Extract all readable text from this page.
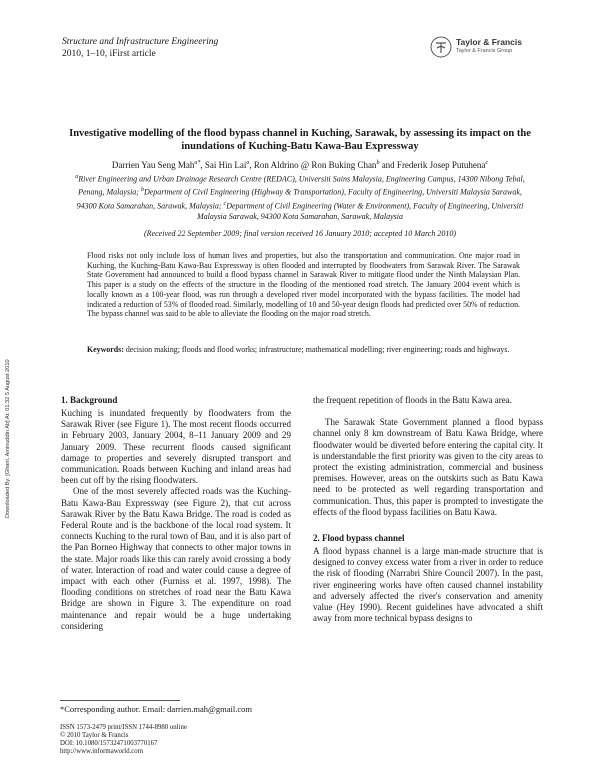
Structure and Infrastructure Engineering
2010, 1–10, iFirst article
Taylor & Francis
Taylor & Francis Group
Downloaded By: [Ghani, Aminuddin Ab] At: 01:32 5 August 2010
Investigative modelling of the flood bypass channel in Kuching, Sarawak, by assessing its impact on the inundations of Kuching-Batu Kawa-Bau Expressway
Darrien Yau Seng Mah$^{a*}$, Sai Hin Lai$^a$, Ron Aldrino @ Ron Buking Chan$^b$ and Frederik Josep Putuhena$^c$
$^a$River Engineering and Urban Drainage Research Centre (REDAC), Universiti Sains Malaysia, Engineering Campus, 14300 Nibong Tebal, Penang, Malaysia; $^b$Department of Civil Engineering (Highway & Transportation), Faculty of Engineering, Universiti Malaysia Sarawak, 94300 Kota Samarahan, Sarawak, Malaysia; $^c$Department of Civil Engineering (Water & Environment), Faculty of Engineering, Universiti Malaysia Sarawak, 94300 Kota Samarahan, Sarawak, Malaysia
(Received 22 September 2009; final version received 16 January 2010; accepted 10 March 2010)
Flood risks not only include loss of human lives and properties, but also the transportation and communication. One major road in Kuching, the Kuching-Batu Kawa-Bau Expressway is often flooded and interrupted by floodwaters from Sarawak River. The Sarawak State Government had announced to build a flood bypass channel in Sarawak River to mitigate flood under the Ninth Malaysian Plan. This paper is a study on the effects of the structure in the flooding of the mentioned road stretch. The January 2004 event which is locally known as a 100-year flood, was run through a developed river model incorporated with the bypass facilities. The model had indicated a reduction of 53% of flooded road. Similarly, modelling of 10 and 50-year design floods had predicted over 50% of reduction. The bypass channel was said to be able to alleviate the flooding on the major road stretch.
Keywords: decision making; floods and flood works; infrastructure; mathematical modelling; river engineering; roads and highways.
1. Background

Kuching is inundated frequently by floodwaters from the Sarawak River (see Figure 1). The most recent floods occurred in February 2003, January 2004, 8–11 January 2009 and 29 January 2009. These recurrent floods caused significant damage to properties and severely disrupted transport and communication. Roads between Kuching and inland areas had been cut off by the rising floodwaters.

One of the most severely affected roads was the Kuching-Batu Kawa-Bau Expressway (see Figure 2), that cut across Sarawak River by the Batu Kawa Bridge. The road is coded as Federal Route and is the backbone of the local road system. It connects Kuching to the rural town of Bau, and it is also part of the Pan Borneo Highway that connects to other major towns in the state. Major roads like this can rarely avoid crossing a body of water. Interaction of road and water could cause a degree of impact with each other (Furniss et al. 1997, 1998). The flooding conditions on stretches of road near the Batu Kawa Bridge are shown in Figure 3. The expenditure on road maintenance and repair would be a huge undertaking considering

the frequent repetition of floods in the Batu Kawa area.

The Sarawak State Government planned a flood bypass channel only 8 km downstream of Batu Kawa Bridge, where floodwater would be diverted before entering the capital city. It is understandable the first priority was given to the city areas to protect the existing administration, commercial and business premises. However, areas on the outskirts such as Batu Kawa need to be protected as well regarding transportation and communication. Thus, this paper is prompted to investigate the effects of the flood bypass facilities on Batu Kawa.

2. Flood bypass channel

A flood bypass channel is a large man-made structure that is designed to convey excess water from a river in order to reduce the risk of flooding (Narrabri Shire Council 2007). In the past, river engineering works have often caused channel instability and adversely affected the river's conservation and amenity value (Hey 1990). Recent guidelines have advocated a shift away from more technical bypass designs to

*Corresponding author. Email: darrien.mah@gmail.com
ISSN 1573-2479 print/ISSN 1744-8980 online
© 2010 Taylor & Francis
DOI: 10.1080/15732471003770167
http://www.informaworld.com
